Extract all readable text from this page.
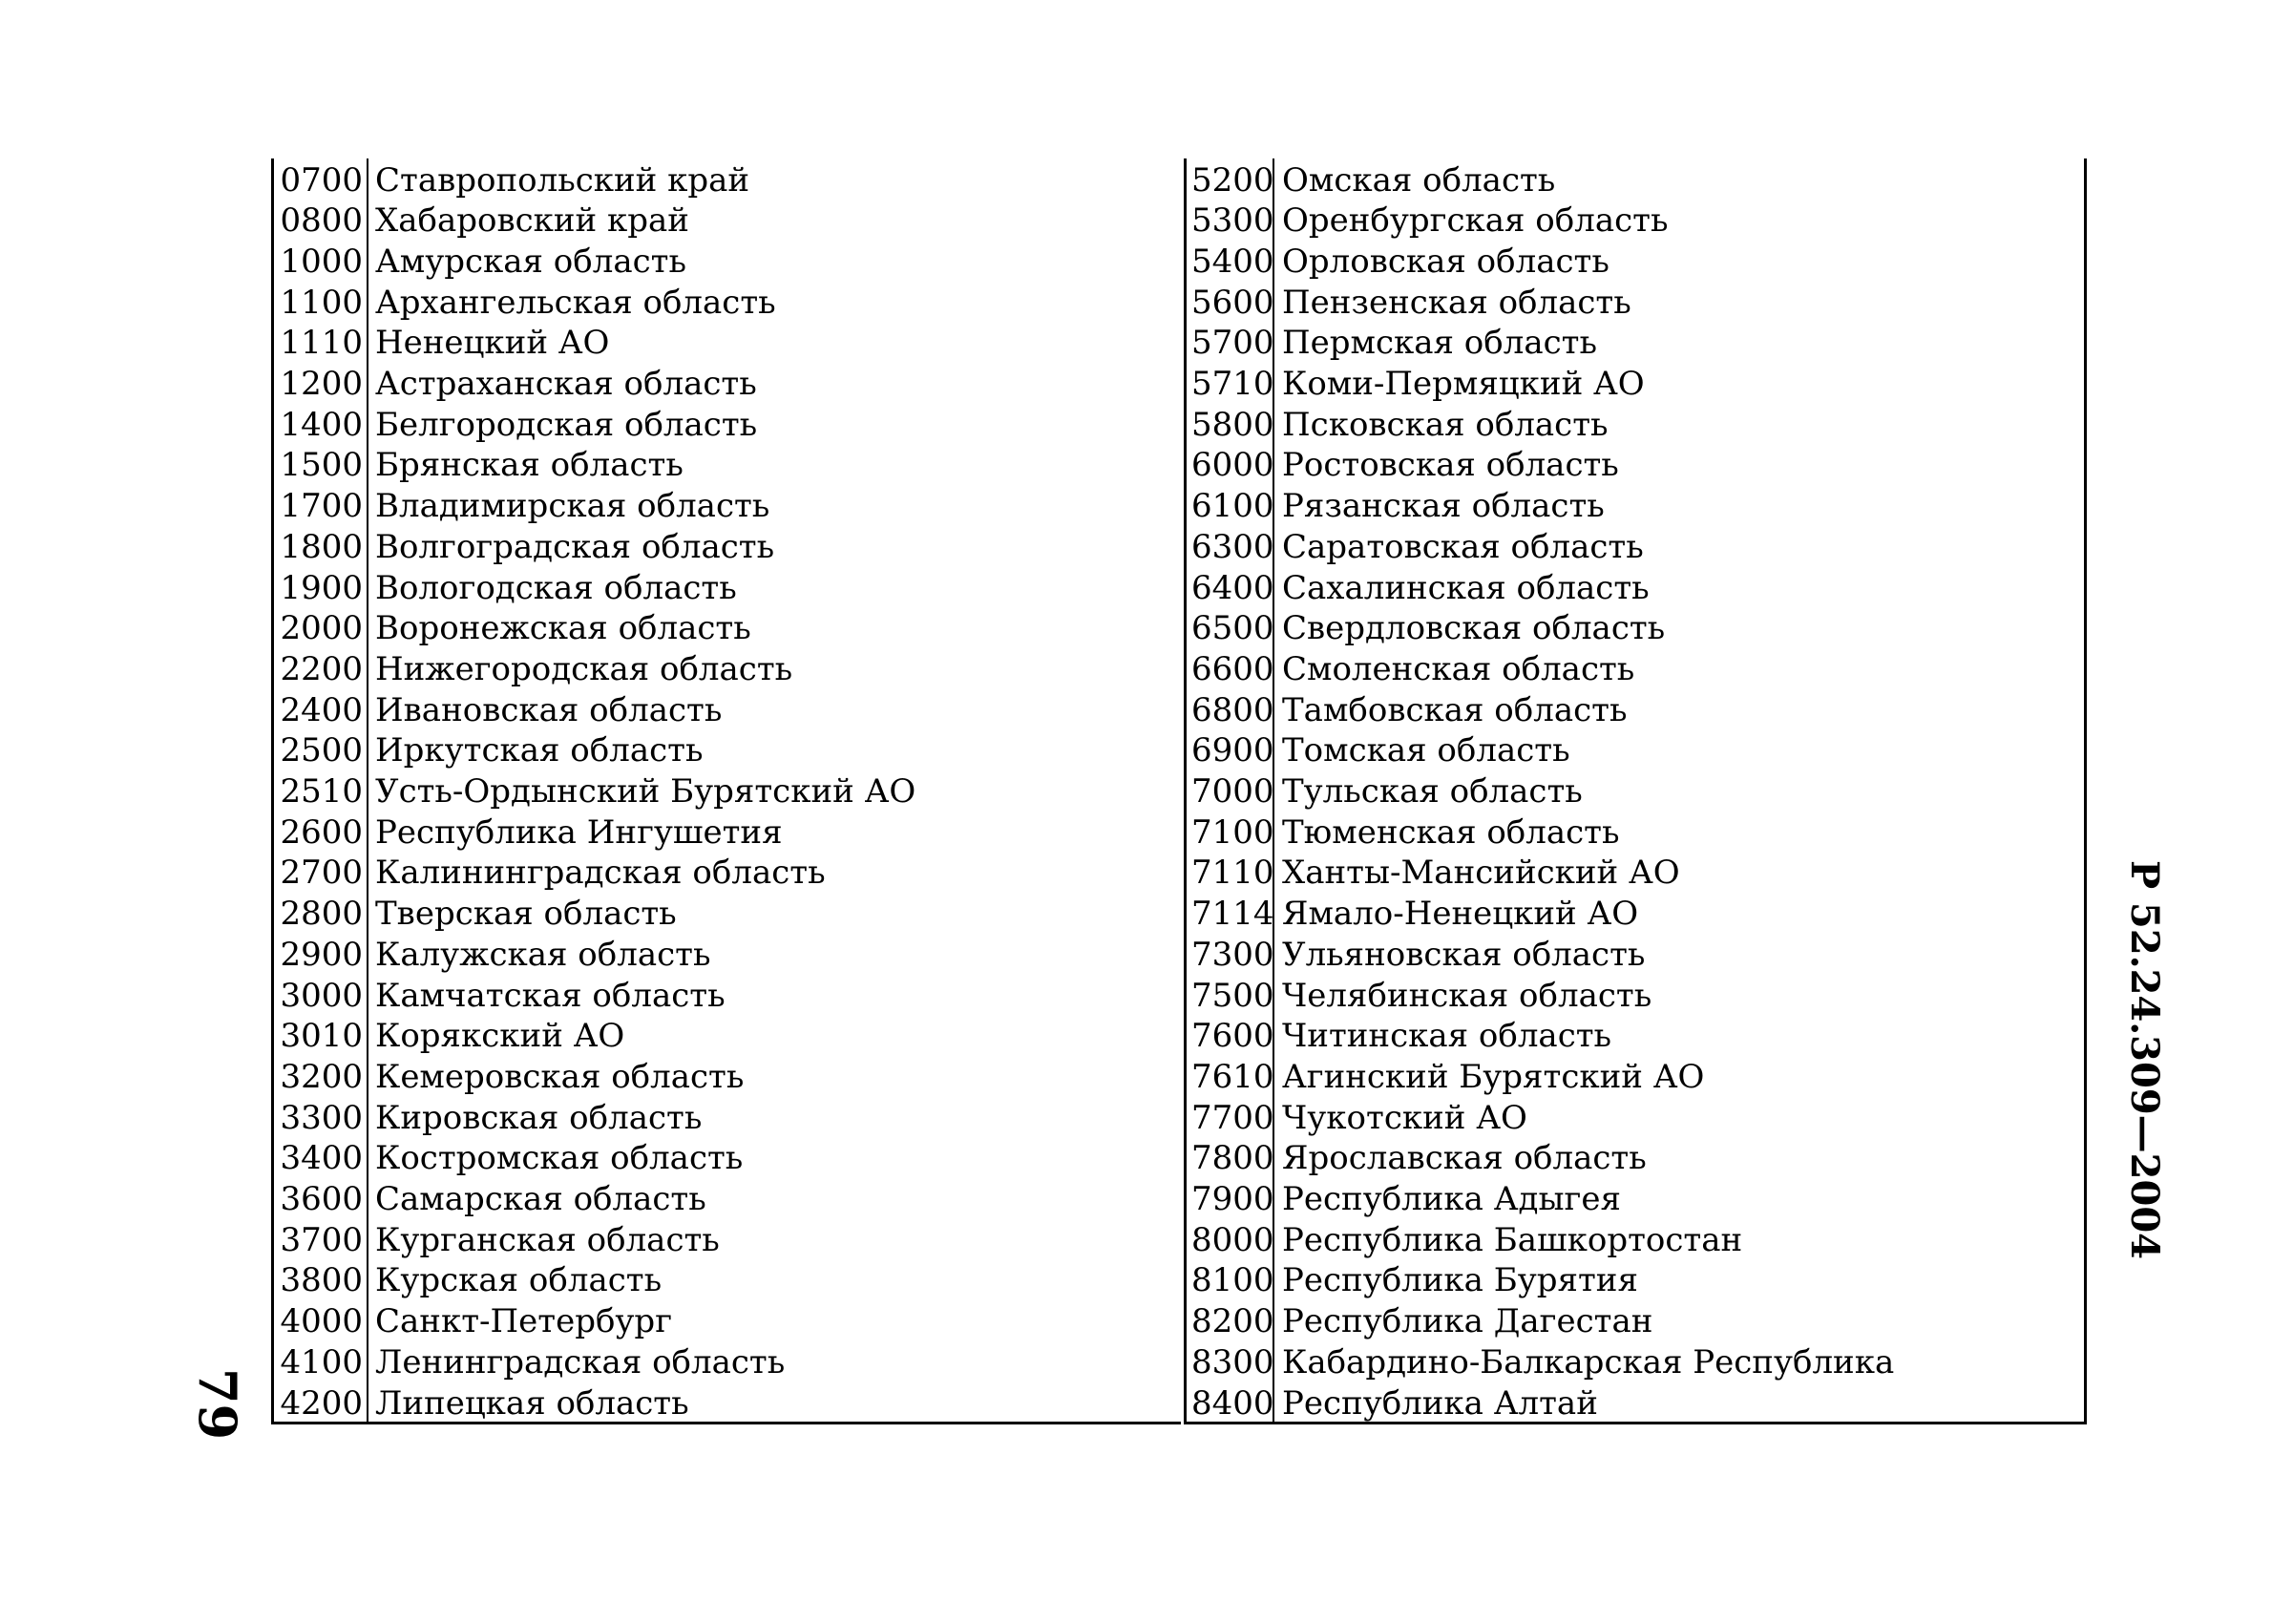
79
Р 52.24.309—2004
0700 Ставропольский край
0800 Хабаровский край
1000 Амурская область
1100 Архангельская область
1110 Ненецкий АО
1200 Астраханская область
1400 Белгородская область
1500 Брянская область
1700 Владимирская область
1800 Волгоградская область
1900 Вологодская область
2000 Воронежская область
2200 Нижегородская область
2400 Ивановская область
2500 Иркутская область
2510 Усть-Ордынский Бурятский АО
2600 Республика Ингушетия
2700 Калининградская область
2800 Тверская область
2900 Калужская область
3000 Камчатская область
3010 Корякский АО
3200 Кемеровская область
3300 Кировская область
3400 Костромская область
3600 Самарская область
3700 Курганская область
3800 Курская область
4000 Санкт-Петербург
4100 Ленинградская область
4200 Липецкая область
5200 Омская область
5300 Оренбургская область
5400 Орловская область
5600 Пензенская область
5700 Пермская область
5710 Коми-Пермяцкий АО
5800 Псковская область
6000 Ростовская область
6100 Рязанская область
6300 Саратовская область
6400 Сахалинская область
6500 Свердловская область
6600 Смоленская область
6800 Тамбовская область
6900 Томская область
7000 Тульская область
7100 Тюменская область
7110 Ханты-Мансийский АО
7114 Ямало-Ненецкий АО
7300 Ульяновская область
7500 Челябинская область
7600 Читинская область
7610 Агинский Бурятский АО
7700 Чукотский АО
7800 Ярославская область
7900 Республика Адыгея
8000 Республика Башкортостан
8100 Республика Бурятия
8200 Республика Дагестан
8300 Кабардино-Балкарская Республика
8400 Республика Алтай
